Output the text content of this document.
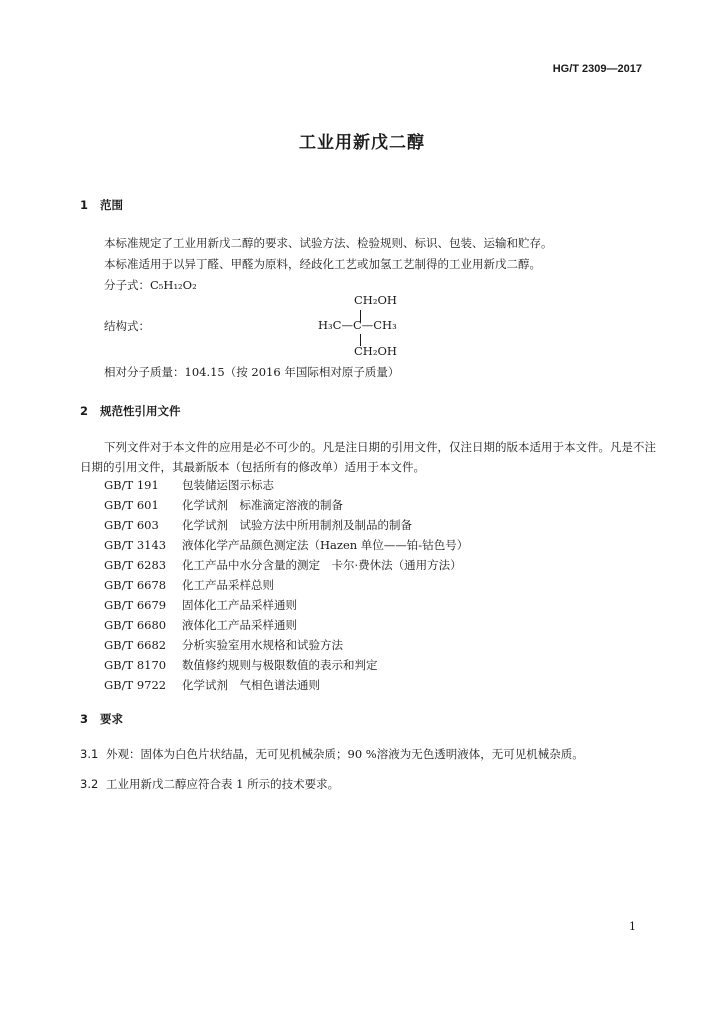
HG/T 2309—2017
工业用新戊二醇
1 范围
本标准规定了工业用新戊二醇的要求、试验方法、检验规则、标识、包装、运输和贮存。
本标准适用于以异丁醛、甲醛为原料，经歧化工艺或加氢工艺制得的工业用新戊二醇。
分子式：C₅H₁₂O₂
结构式：
CH₂OH
H₃C—C—CH₃
CH₂OH
相对分子质量：104.15（按 2016 年国际相对原子质量）
2 规范性引用文件
下列文件对于本文件的应用是必不可少的。凡是注日期的引用文件，仅注日期的版本适用于本文件。凡是不注日期的引用文件，其最新版本（包括所有的修改单）适用于本文件。
GB/T 191 包装储运图示标志
GB/T 601 化学试剂　标准滴定溶液的制备
GB/T 603 化学试剂　试验方法中所用制剂及制品的制备
GB/T 3143 液体化学产品颜色测定法（Hazen 单位——铂-钴色号）
GB/T 6283 化工产品中水分含量的测定　卡尔·费休法（通用方法）
GB/T 6678 化工产品采样总则
GB/T 6679 固体化工产品采样通则
GB/T 6680 液体化工产品采样通则
GB/T 6682 分析实验室用水规格和试验方法
GB/T 8170 数值修约规则与极限数值的表示和判定
GB/T 9722 化学试剂　气相色谱法通则
3 要求
3.1 外观：固体为白色片状结晶，无可见机械杂质；90 %溶液为无色透明液体，无可见机械杂质。
3.2 工业用新戊二醇应符合表 1 所示的技术要求。
1
